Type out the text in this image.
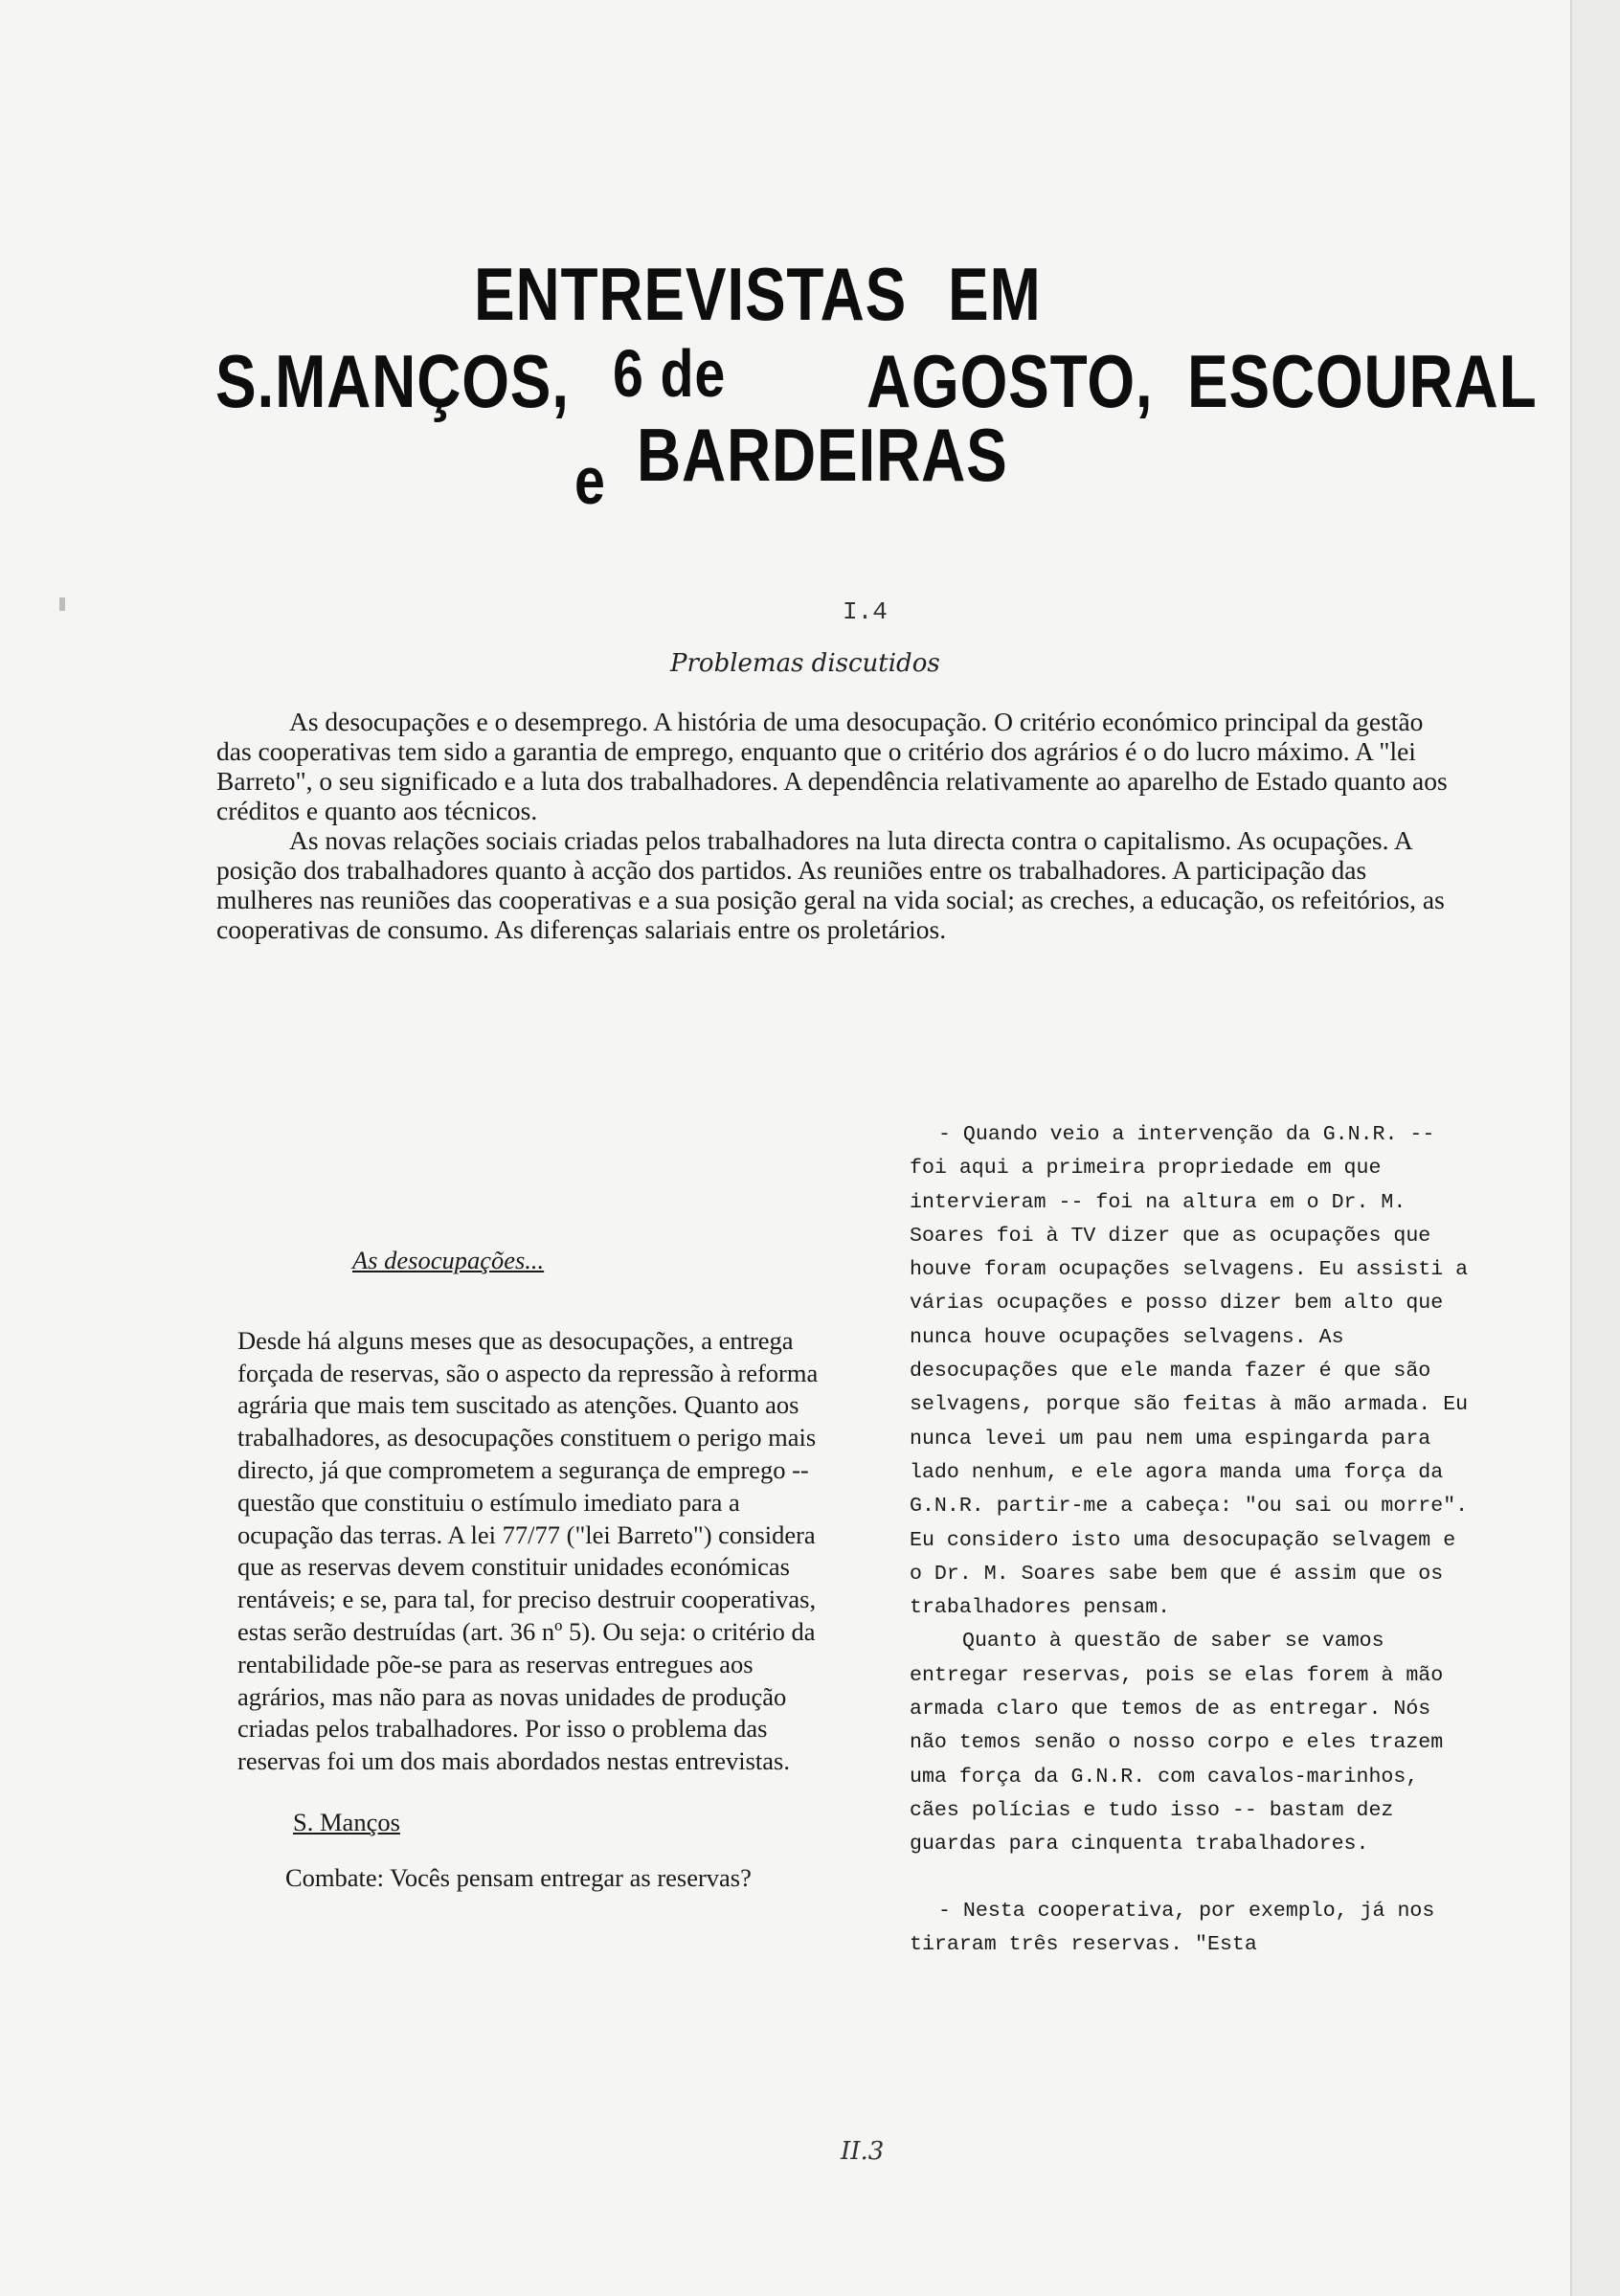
ENTREVISTAS EM
S.MANÇOS, 6 de AGOSTO, ESCOURAL
e BARDEIRAS
I.4
Problemas discutidos

As desocupações e o desemprego. A história de uma desocupação. O critério económico principal da gestão das cooperativas tem sido a garantia de emprego, enquanto que o critério dos agrários é o do lucro máximo. A "lei Barreto", o seu significado e a luta dos trabalhadores. A dependência relativamente ao aparelho de Estado quanto aos créditos e quanto aos técnicos.

As novas relações sociais criadas pelos trabalhadores na luta directa contra o capitalismo. As ocupações. A posição dos trabalhadores quanto à acção dos partidos. As reuniões entre os trabalhadores. A participação das mulheres nas reuniões das cooperativas e a sua posição geral na vida social; as creches, a educação, os refeitórios, as cooperativas de consumo. As diferenças salariais entre os proletários.

As desocupações...

Desde há alguns meses que as desocupações, a entrega forçada de reservas, são o aspecto da repressão à reforma agrária que mais tem suscitado as atenções. Quanto aos trabalhadores, as desocupações constituem o perigo mais directo, já que comprometem a segurança de emprego -- questão que constituiu o estímulo imediato para a ocupação das terras. A lei 77/77 ("lei Barreto") considera que as reservas devem constituir unidades económicas rentáveis; e se, para tal, for preciso destruir cooperativas, estas serão destruídas (art. 36 nº 5). Ou seja: o critério da rentabilidade põe-se para as reservas entregues aos agrários, mas não para as novas unidades de produção criadas pelos trabalhadores. Por isso o problema das reservas foi um dos mais abordados nestas entrevistas.

S. Manços

Combate: Vocês pensam entregar as reservas?

- Quando veio a intervenção da G.N.R. -- foi aqui a primeira propriedade em que intervieram -- foi na altura em o Dr. M. Soares foi à TV dizer que as ocupações que houve foram ocupações selvagens. Eu assisti a várias ocupações e posso dizer bem alto que nunca houve ocupações selvagens. As desocupações que ele manda fazer é que são selvagens, porque são feitas à mão armada. Eu nunca levei um pau nem uma espingarda para lado nenhum, e ele agora manda uma força da G.N.R. partir-me a cabeça: "ou sai ou morre". Eu considero isto uma desocupação selvagem e o Dr. M. Soares sabe bem que é assim que os trabalhadores pensam.

Quanto à questão de saber se vamos entregar reservas, pois se elas forem à mão armada claro que temos de as entregar. Nós não temos senão o nosso corpo e eles trazem uma força da G.N.R. com cavalos-marinhos, cães polícias e tudo isso -- bastam dez guardas para cinquenta trabalhadores.

- Nesta cooperativa, por exemplo, já nos tiraram três reservas. "Esta

II.3
